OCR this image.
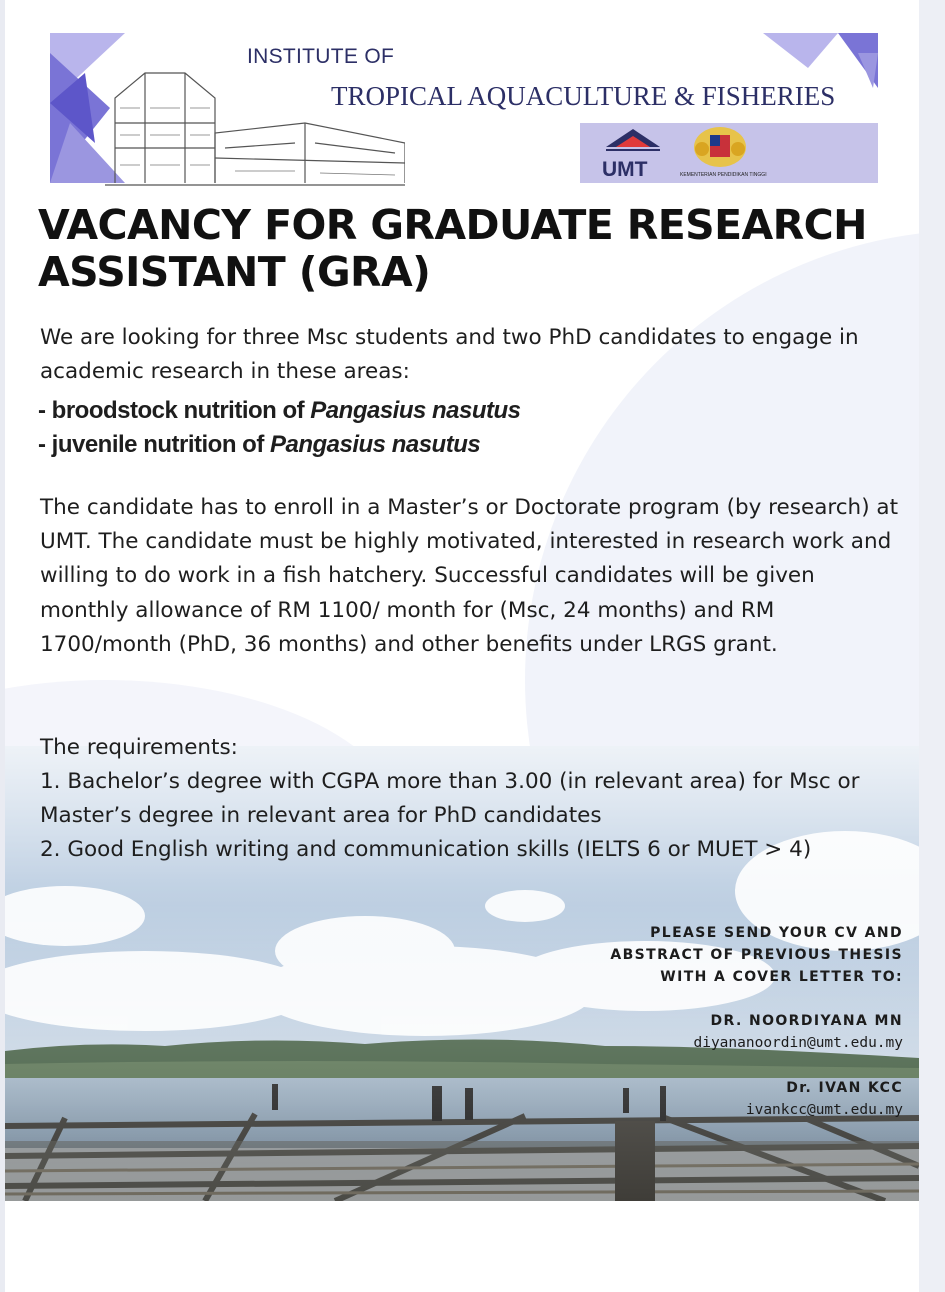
INSTITUTE OF
TROPICAL AQUACULTURE & FISHERIES
UMT	KEMENTERIAN PENDIDIKAN TINGGI
VACANCY FOR GRADUATE RESEARCH
ASSISTANT (GRA)

We are looking for three Msc students and two PhD candidates to engage in academic research in these areas:

- broodstock nutrition of Pangasius nasutus

- juvenile nutrition of Pangasius nasutus

The candidate has to enroll in a Master’s or Doctorate program (by research) at UMT. The candidate must be highly motivated, interested in research work and willing to do work in a fish hatchery. Successful candidates will be given monthly allowance of RM 1100/ month for (Msc, 24 months) and RM 1700/month (PhD, 36 months) and other benefits under LRGS grant.

The requirements:

1. Bachelor’s degree with CGPA more than 3.00 (in relevant area) for Msc or Master’s degree in relevant area for PhD candidates

2. Good English writing and communication skills (IELTS 6 or MUET > 4)

PLEASE SEND YOUR CV AND
ABSTRACT OF PREVIOUS THESIS
WITH A COVER LETTER TO:
DR. NOORDIYANA MN
diyananoordin@umt.edu.my
Dr. IVAN KCC
ivankcc@umt.edu.my
